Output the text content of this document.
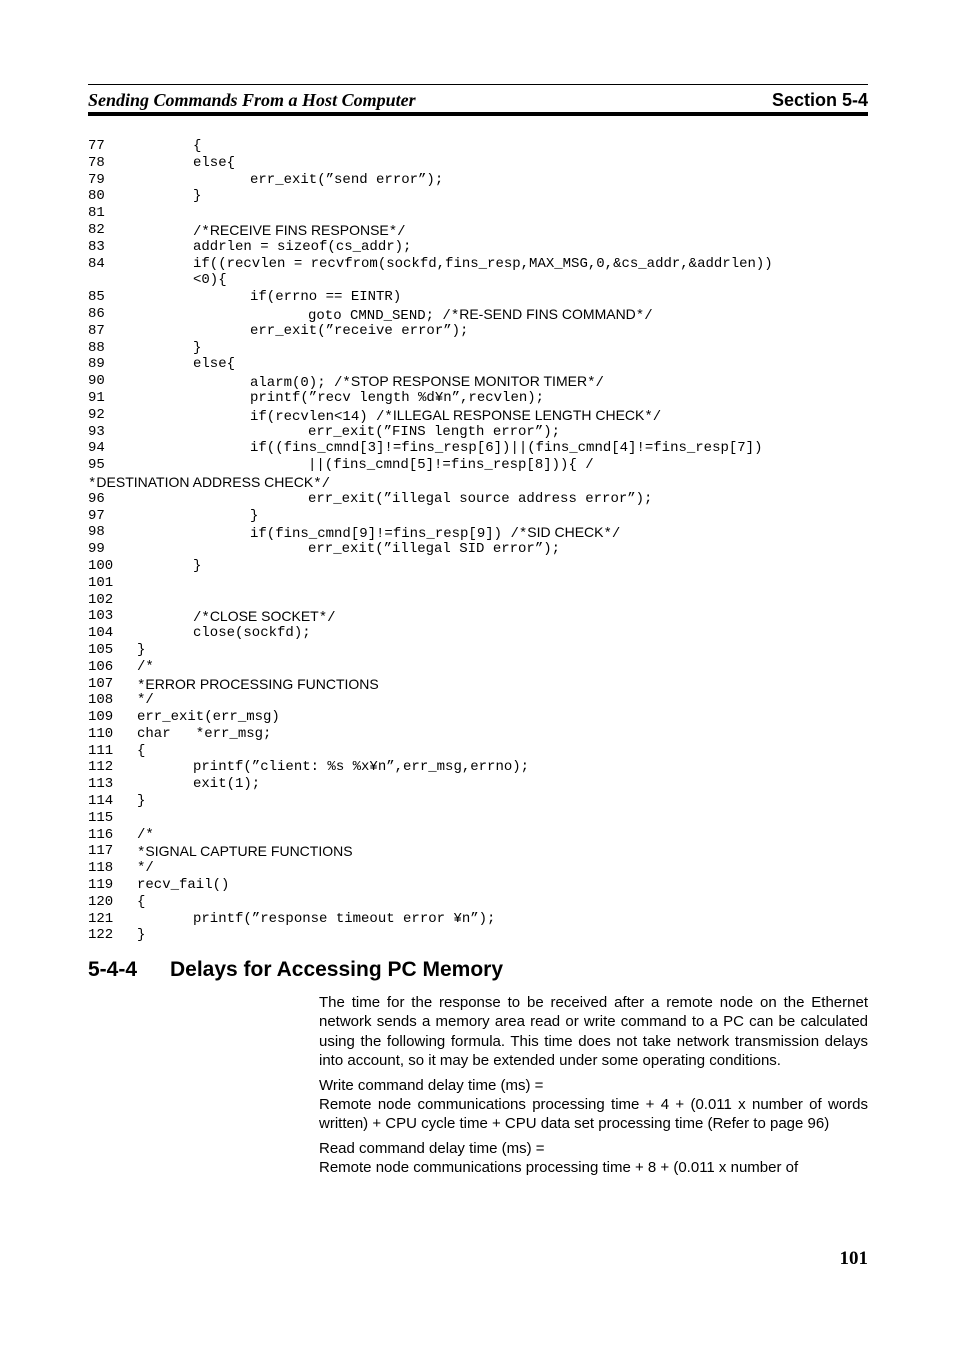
Sending Commands From a Host Computer	Section 5-4
77	{
78	else{
79	err_exit(”send error”);
80	}
81
82	/*RECEIVE FINS RESPONSE*/
83	addrlen = sizeof(cs_addr);
84	if((recvlen = recvfrom(sockfd,fins_resp,MAX_MSG,0,&cs_addr,&addrlen))
<0){
85	if(errno == EINTR)
86	goto CMND_SEND; /*RE-SEND FINS COMMAND*/
87	err_exit(”receive error”);
88	}
89	else{
90	alarm(0); /*STOP RESPONSE MONITOR TIMER*/
91	printf(”recv length %d¥n”,recvlen);
92	if(recvlen<14) /*ILLEGAL RESPONSE LENGTH CHECK*/
93	err_exit(”FINS length error”);
94	if((fins_cmnd[3]!=fins_resp[6])||(fins_cmnd[4]!=fins_resp[7])
95	||(fins_cmnd[5]!=fins_resp[8])){ /
*DESTINATION ADDRESS CHECK*/
96	err_exit(”illegal source address error”);
97	}
98	if(fins_cmnd[9]!=fins_resp[9]) /*SID CHECK*/
99	err_exit(”illegal SID error”);
100	}
101
102
103	/*CLOSE SOCKET*/
104	close(sockfd);
105 }
106 /*
107 *ERROR PROCESSING FUNCTIONS
108 */
109 err_exit(err_msg)
110 char   *err_msg;
111 {
112	printf(”client: %s %x¥n”,err_msg,errno);
113	exit(1);
114 }
115
116 /*
117 *SIGNAL CAPTURE FUNCTIONS
118 */
119 recv_fail()
120 {
121	printf(”response timeout error ¥n”);
122 }
5-4-4 Delays for Accessing PC Memory

The time for the response to be received after a remote node on the Ethernet network sends a memory area read or write command to a PC can be calculated using the following formula. This time does not take network transmission delays into account, so it may be extended under some operating conditions.

Write command delay time (ms) =

Remote node communications processing time + 4 + (0.011 x number of words written) + CPU cycle time + CPU data set processing time (Refer to page 96)

Read command delay time (ms) =

Remote node communications processing time + 8 + (0.011 x number of

101
